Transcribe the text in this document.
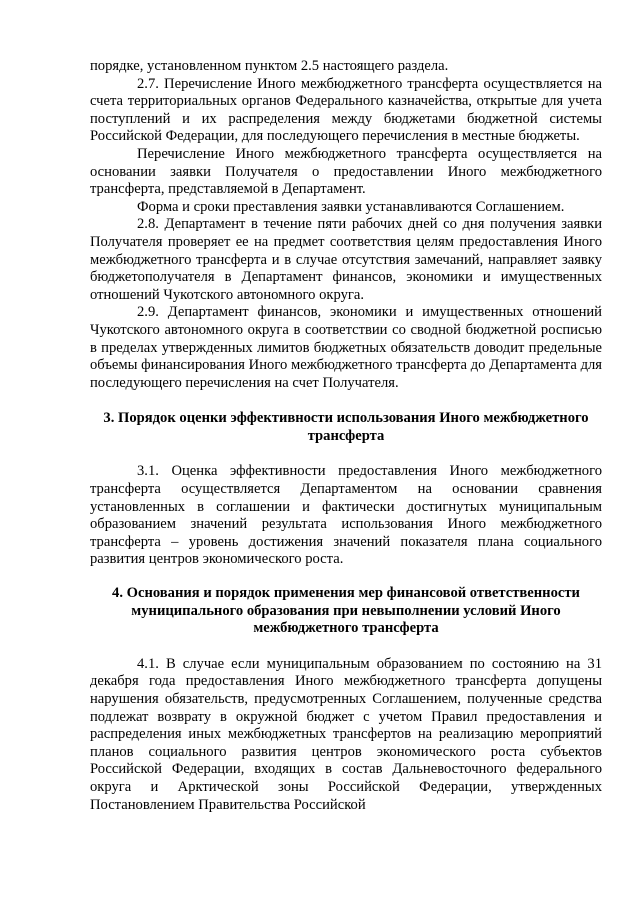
порядке, установленном пунктом 2.5 настоящего раздела.

2.7. Перечисление Иного межбюджетного трансферта осуществляется на счета территориальных органов Федерального казначейства, открытые для учета поступлений и их распределения между бюджетами бюджетной системы Российской Федерации, для последующего перечисления в местные бюджеты.

Перечисление Иного межбюджетного трансферта осуществляется на основании заявки Получателя о предоставлении Иного межбюджетного трансферта, представляемой в Департамент.

Форма и сроки преставления заявки устанавливаются Соглашением.

2.8. Департамент в течение пяти рабочих дней со дня получения заявки Получателя проверяет ее на предмет соответствия целям предоставления Иного межбюджетного трансферта и в случае отсутствия замечаний, направляет заявку бюджетополучателя в Департамент финансов, экономики и имущественных отношений Чукотского автономного округа.

2.9. Департамент финансов, экономики и имущественных отношений Чукотского автономного округа в соответствии со сводной бюджетной росписью в пределах утвержденных лимитов бюджетных обязательств доводит предельные объемы финансирования Иного межбюджетного трансферта до Департамента для последующего перечисления на счет Получателя.

3. Порядок оценки эффективности использования Иного межбюджетного трансферта

3.1. Оценка эффективности предоставления Иного межбюджетного трансферта осуществляется Департаментом на основании сравнения установленных в соглашении и фактически достигнутых муниципальным образованием значений результата использования Иного межбюджетного трансферта – уровень достижения значений показателя плана социального развития центров экономического роста.

4. Основания и порядок применения мер финансовой ответственности муниципального образования при невыполнении условий Иного межбюджетного трансферта

4.1. В случае если муниципальным образованием по состоянию на 31 декабря года предоставления Иного межбюджетного трансферта допущены нарушения обязательств, предусмотренных Соглашением, полученные средства подлежат возврату в окружной бюджет с учетом Правил предоставления и распределения иных межбюджетных трансфертов на реализацию мероприятий планов социального развития центров экономического роста субъектов Российской Федерации, входящих в состав Дальневосточного федерального округа и Арктической зоны Российской Федерации, утвержденных Постановлением Правительства Российской
